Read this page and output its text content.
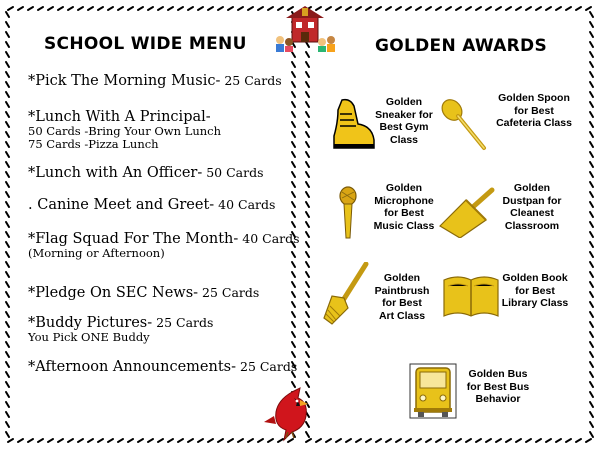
SCHOOL WIDE MENU
*Pick The Morning Music- 25 Cards
*Lunch With A Principal-
50 Cards -Bring Your Own Lunch
75 Cards -Pizza Lunch
*Lunch with An Officer- 50 Cards
. Canine Meet and Greet- 40 Cards
*Flag Squad For The Month- 40 Cards
(Morning or Afternoon)
*Pledge On SEC News- 25 Cards
*Buddy Pictures- 25 Cards
You Pick ONE Buddy
*Afternoon Announcements- 25 Cards
GOLDEN AWARDS
Golden
Sneaker for
Best Gym
Class
Golden Spoon
for Best
Cafeteria Class
Golden
Microphone
for Best
Music Class
Golden
Dustpan for
Cleanest
Classroom
Golden
Paintbrush
for Best
Art Class
Golden Book
for Best
Library Class
Golden Bus
for Best Bus
Behavior
